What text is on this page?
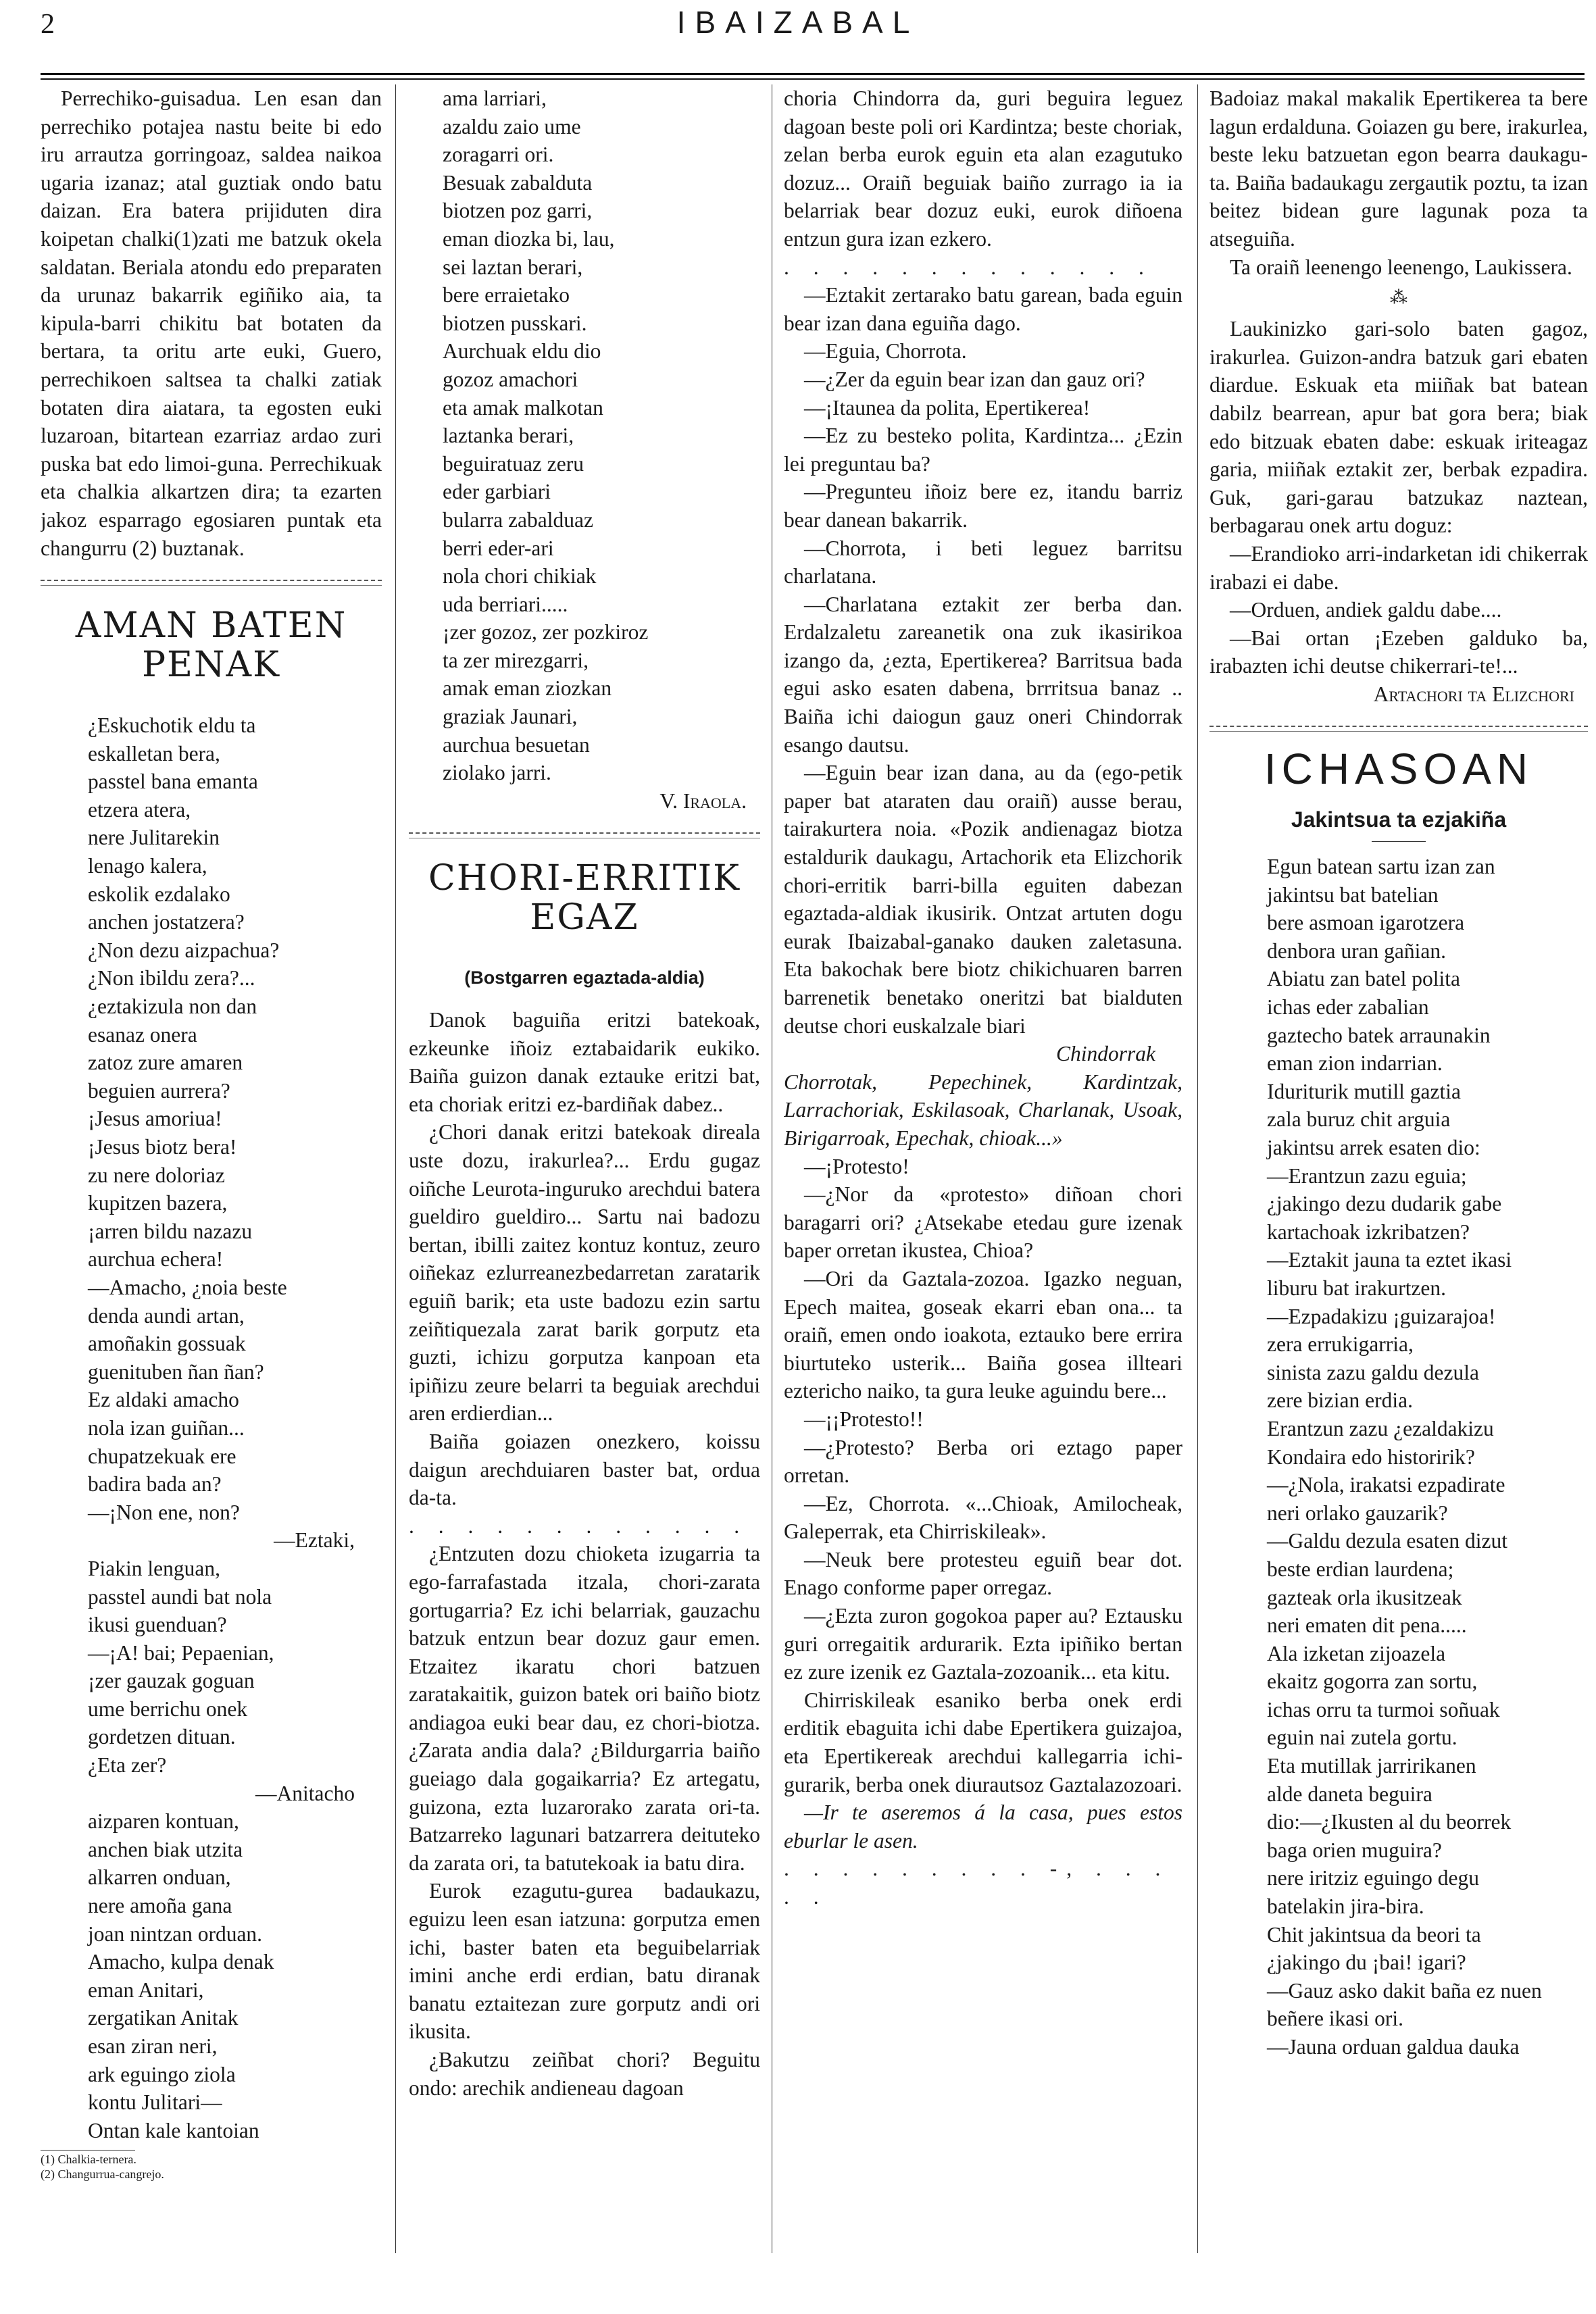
2	IBAIZABAL

Perrechiko-guisadua. Len esan dan perrechiko potajea nastu beite bi edo iru arrautza gorringoaz, saldea naikoa ugaria izanaz; atal guztiak ondo batu daizan. Era batera prijiduten dira koipetan chalki(1)zati me batzuk okela saldatan. Beriala atondu edo preparaten da urunaz bakarrik egiñiko aia, ta kipula-barri chikitu bat botaten da bertara, ta oritu arte euki, Guero, perrechikoen saltsea ta chalki zatiak botaten dira aiatara, ta egosten euki luzaroan, bitartean ezarriaz ardao zuri puska bat edo limoi-guna. Perrechikuak eta chalkia alkartzen dira; ta ezarten jakoz esparrago egosiaren puntak eta changurru (2) buztanak.

AMAN BATEN PENAK

¿Eskuchotik eldu ta
eskalletan bera,
passtel bana emanta
etzera atera,
nere Julitarekin
lenago kalera,
eskolik ezdalako
anchen jostatzera?
¿Non dezu aizpachua?
¿Non ibildu zera?...
¿eztakizula non dan
esanaz onera
zatoz zure amaren
beguien aurrera?
¡Jesus amoriua!
¡Jesus biotz bera!
zu nere doloriaz
kupitzen bazera,
¡arren bildu nazazu
aurchua echera!
—Amacho, ¿noia beste
denda aundi artan,
amoñakin gossuak
guenituben ñan ñan?
Ez aldaki amacho
nola izan guiñan...
chupatzekuak ere
badira bada an?
—¡Non ene, non?

—Eztaki,

Piakin lenguan,
passtel aundi bat nola
ikusi guenduan?
—¡A! bai; Pepaenian,
¡zer gauzak goguan
ume berrichu onek
gordetzen dituan.
¿Eta zer?

—Anitacho

aizparen kontuan,
anchen biak utzita
alkarren onduan,
nere amoña gana
joan nintzan orduan.
Amacho, kulpa denak
eman Anitari,
zergatikan Anitak
esan ziran neri,
ark eguingo ziola
kontu Julitari—
Ontan kale kantoian

(1) Chalkia-ternera.
(2) Changurrua-cangrejo.

ama larriari,
azaldu zaio ume
zoragarri ori.
Besuak zabalduta
biotzen poz garri,
eman diozka bi, lau,
sei laztan berari,
bere erraietako
biotzen pusskari.
Aurchuak eldu dio
gozoz amachori
eta amak malkotan
laztanka berari,
beguiratuaz zeru
eder garbiari
bularra zabalduaz
berri eder-ari
nola chori chikiak
uda berriari.....
¡zer gozoz, zer pozkiroz
ta zer mirezgarri,
amak eman ziozkan
graziak Jaunari,
aurchua besuetan
ziolako jarri.

V. Iraola.

CHORI-ERRITIK EGAZ
(Bostgarren egaztada-aldia)

Danok baguiña eritzi batekoak, ezkeunke iñoiz eztabaidarik eukiko. Baiña guizon danak eztauke eritzi bat, eta choriak eritzi ez-bardiñak dabez..

¿Chori danak eritzi batekoak direala uste dozu, irakurlea?... Erdu gugaz oiñche Leurota-inguruko arechdui batera gueldiro gueldiro... Sartu nai badozu bertan, ibilli zaitez kontuz kontuz, zeuro oiñekaz ezlurreanezbedarretan zaratarik eguiñ barik; eta uste badozu ezin sartu zeiñtiquezala zarat barik gorputz eta guzti, ichizu gorputza kanpoan eta ipiñizu zeure belarri ta beguiak arechdui aren erdierdian...

Baiña goiazen onezkero, koissu daigun arechduiaren baster bat, ordua da-ta.

. . . . . . . . . . . .

¿Entzuten dozu chioketa izugarria ta ego-farrafastada itzala, chori-zarata gortugarria? Ez ichi belarriak, gauzachu batzuk entzun bear dozuz gaur emen. Etzaitez ikaratu chori batzuen zaratakaitik, guizon batek ori baiño biotz andiagoa euki bear dau, ez chori-biotza. ¿Zarata andia dala? ¿Bildurgarria baiño gueiago dala gogaikarria? Ez artegatu, guizona, ezta luzarorako zarata ori-ta. Batzarreko lagunari batzarrera deituteko da zarata ori, ta batutekoak ia batu dira.

Eurok ezagutu-gurea badaukazu, eguizu leen esan iatzuna: gorputza emen ichi, baster baten eta beguibelarriak imini anche erdi erdian, batu diranak banatu eztaitezan zure gorputz andi ori ikusita.

¿Bakutzu zeiñbat chori? Beguitu ondo: arechik andieneau dagoan

choria Chindorra da, guri beguira leguez dagoan beste poli ori Kardintza; beste choriak, zelan berba eurok eguin eta alan ezagutuko dozuz... Oraiñ beguiak baiño zurrago ia ia belarriak bear dozuz euki, eurok diñoena entzun gura izan ezkero.

. . . . . . . . . . . . .

—Eztakit zertarako batu garean, bada eguin bear izan dana eguiña dago.

—Eguia, Chorrota.

—¿Zer da eguin bear izan dan gauz ori?

—¡Itaunea da polita, Epertikerea!

—Ez zu besteko polita, Kardintza... ¿Ezin lei preguntau ba?

—Pregunteu iñoiz bere ez, itandu barriz bear danean bakarrik.

—Chorrota, i beti leguez barritsu charlatana.

—Charlatana eztakit zer berba dan. Erdalzaletu zareanetik ona zuk ikasirikoa izango da, ¿ezta, Epertikerea? Barritsua bada egui asko esaten dabena, brrritsua banaz .. Baiña ichi daiogun gauz oneri Chindorrak esango dautsu.

—Eguin bear izan dana, au da (ego-petik paper bat ataraten dau oraiñ) ausse berau, tairakurtera noia. «Pozik andienagaz biotza estaldurik daukagu, Artachorik eta Elizchorik chori-erritik barri-billa eguiten dabezan egaztada-aldiak ikusirik. Ontzat artuten dogu eurak Ibaizabal-ganako dauken zaletasuna. Eta bakochak bere biotz chikichuaren barren barrenetik benetako oneritzi bat bialduten deutse chori euskalzale biari

Chindorrak

Chorrotak, Pepechinek, Kardintzak, Larrachoriak, Eskilasoak, Charlanak, Usoak, Birigarroak, Epechak, chioak...»

—¡Protesto!

—¿Nor da «protesto» diñoan chori baragarri ori? ¿Atsekabe etedau gure izenak baper orretan ikustea, Chioa?

—Ori da Gaztala-zozoa. Igazko neguan, Epech maitea, goseak ekarri eban ona... ta oraiñ, emen ondo ioakota, eztauko bere errira biurtuteko usterik... Baiña gosea illteari eztericho naiko, ta gura leuke aguindu bere...

—¡¡Protesto!!

—¿Protesto? Berba ori eztago paper orretan.

—Ez, Chorrota. «...Chioak, Amilocheak, Galeperrak, eta Chirriskileak».

—Neuk bere protesteu eguiñ bear dot. Enago conforme paper orregaz.

—¿Ezta zuron gogokoa paper au? Eztausku guri orregaitik ardurarik. Ezta ipiñiko bertan ez zure izenik ez Gaztala-zozoanik... eta kitu.

Chirriskileak esaniko berba onek erdi erditik ebaguita ichi dabe Epertikera guizajoa, eta Epertikereak arechdui kallegarria ichi-gurarik, berba onek diurautsoz Gaztalazozoari.

—Ir te aseremos á la casa, pues estos eburlar le asen.

. . . . . . . . . -, . . . . .

Badoiaz makal makalik Epertikerea ta bere lagun erdalduna. Goiazen gu bere, irakurlea, beste leku batzuetan egon bearra daukagu-ta. Baiña badaukagu zergautik poztu, ta izan beitez bidean gure lagunak poza ta atseguiña.

Ta oraiñ leenengo leenengo, Laukissera.

⁂

Laukinizko gari-solo baten gagoz, irakurlea. Guizon-andra batzuk gari ebaten diardue. Eskuak eta miiñak bat batean dabilz bearrean, apur bat gora bera; biak edo bitzuak ebaten dabe: eskuak iriteagaz garia, miiñak eztakit zer, berbak ezpadira. Guk, gari-garau batzukaz naztean, berbagarau onek artu doguz:

—Erandioko arri-indarketan idi chikerrak irabazi ei dabe.

—Orduen, andiek galdu dabe....

—Bai ortan ¡Ezeben galduko ba, irabazten ichi deutse chikerrari-te!...

Artachori ta Elizchori

ICHASOAN
Jakintsua ta ezjakiña

Egun batean sartu izan zan
jakintsu bat batelian
bere asmoan igarotzera
denbora uran gañian.
Abiatu zan batel polita
ichas eder zabalian
gaztecho batek arraunakin
eman zion indarrian.
Iduriturik mutill gaztia
zala buruz chit arguia
jakintsu arrek esaten dio:
—Erantzun zazu eguia;
¿jakingo dezu dudarik gabe
kartachoak izkribatzen?
—Eztakit jauna ta eztet ikasi
liburu bat irakurtzen.
—Ezpadakizu ¡guizarajoa!
zera errukigarria,
sinista zazu galdu dezula
zere bizian erdia.
Erantzun zazu ¿ezaldakizu
Kondaira edo historirik?
—¿Nola, irakatsi ezpadirate
neri orlako gauzarik?
—Galdu dezula esaten dizut
beste erdian laurdena;
gazteak orla ikusitzeak
neri ematen dit pena.....
Ala izketan zijoazela
ekaitz gogorra zan sortu,
ichas orru ta turmoi soñuak
eguin nai zutela gortu.
Eta mutillak jarririkanen
alde daneta beguira
dio:—¿Ikusten al du beorrek
baga orien muguira?
nere iritziz eguingo degu
batelakin jira-bira.
Chit jakintsua da beori ta
¿jakingo du ¡bai! igari?
—Gauz asko dakit baña ez nuen
beñere ikasi ori.
—Jauna orduan galdua dauka
